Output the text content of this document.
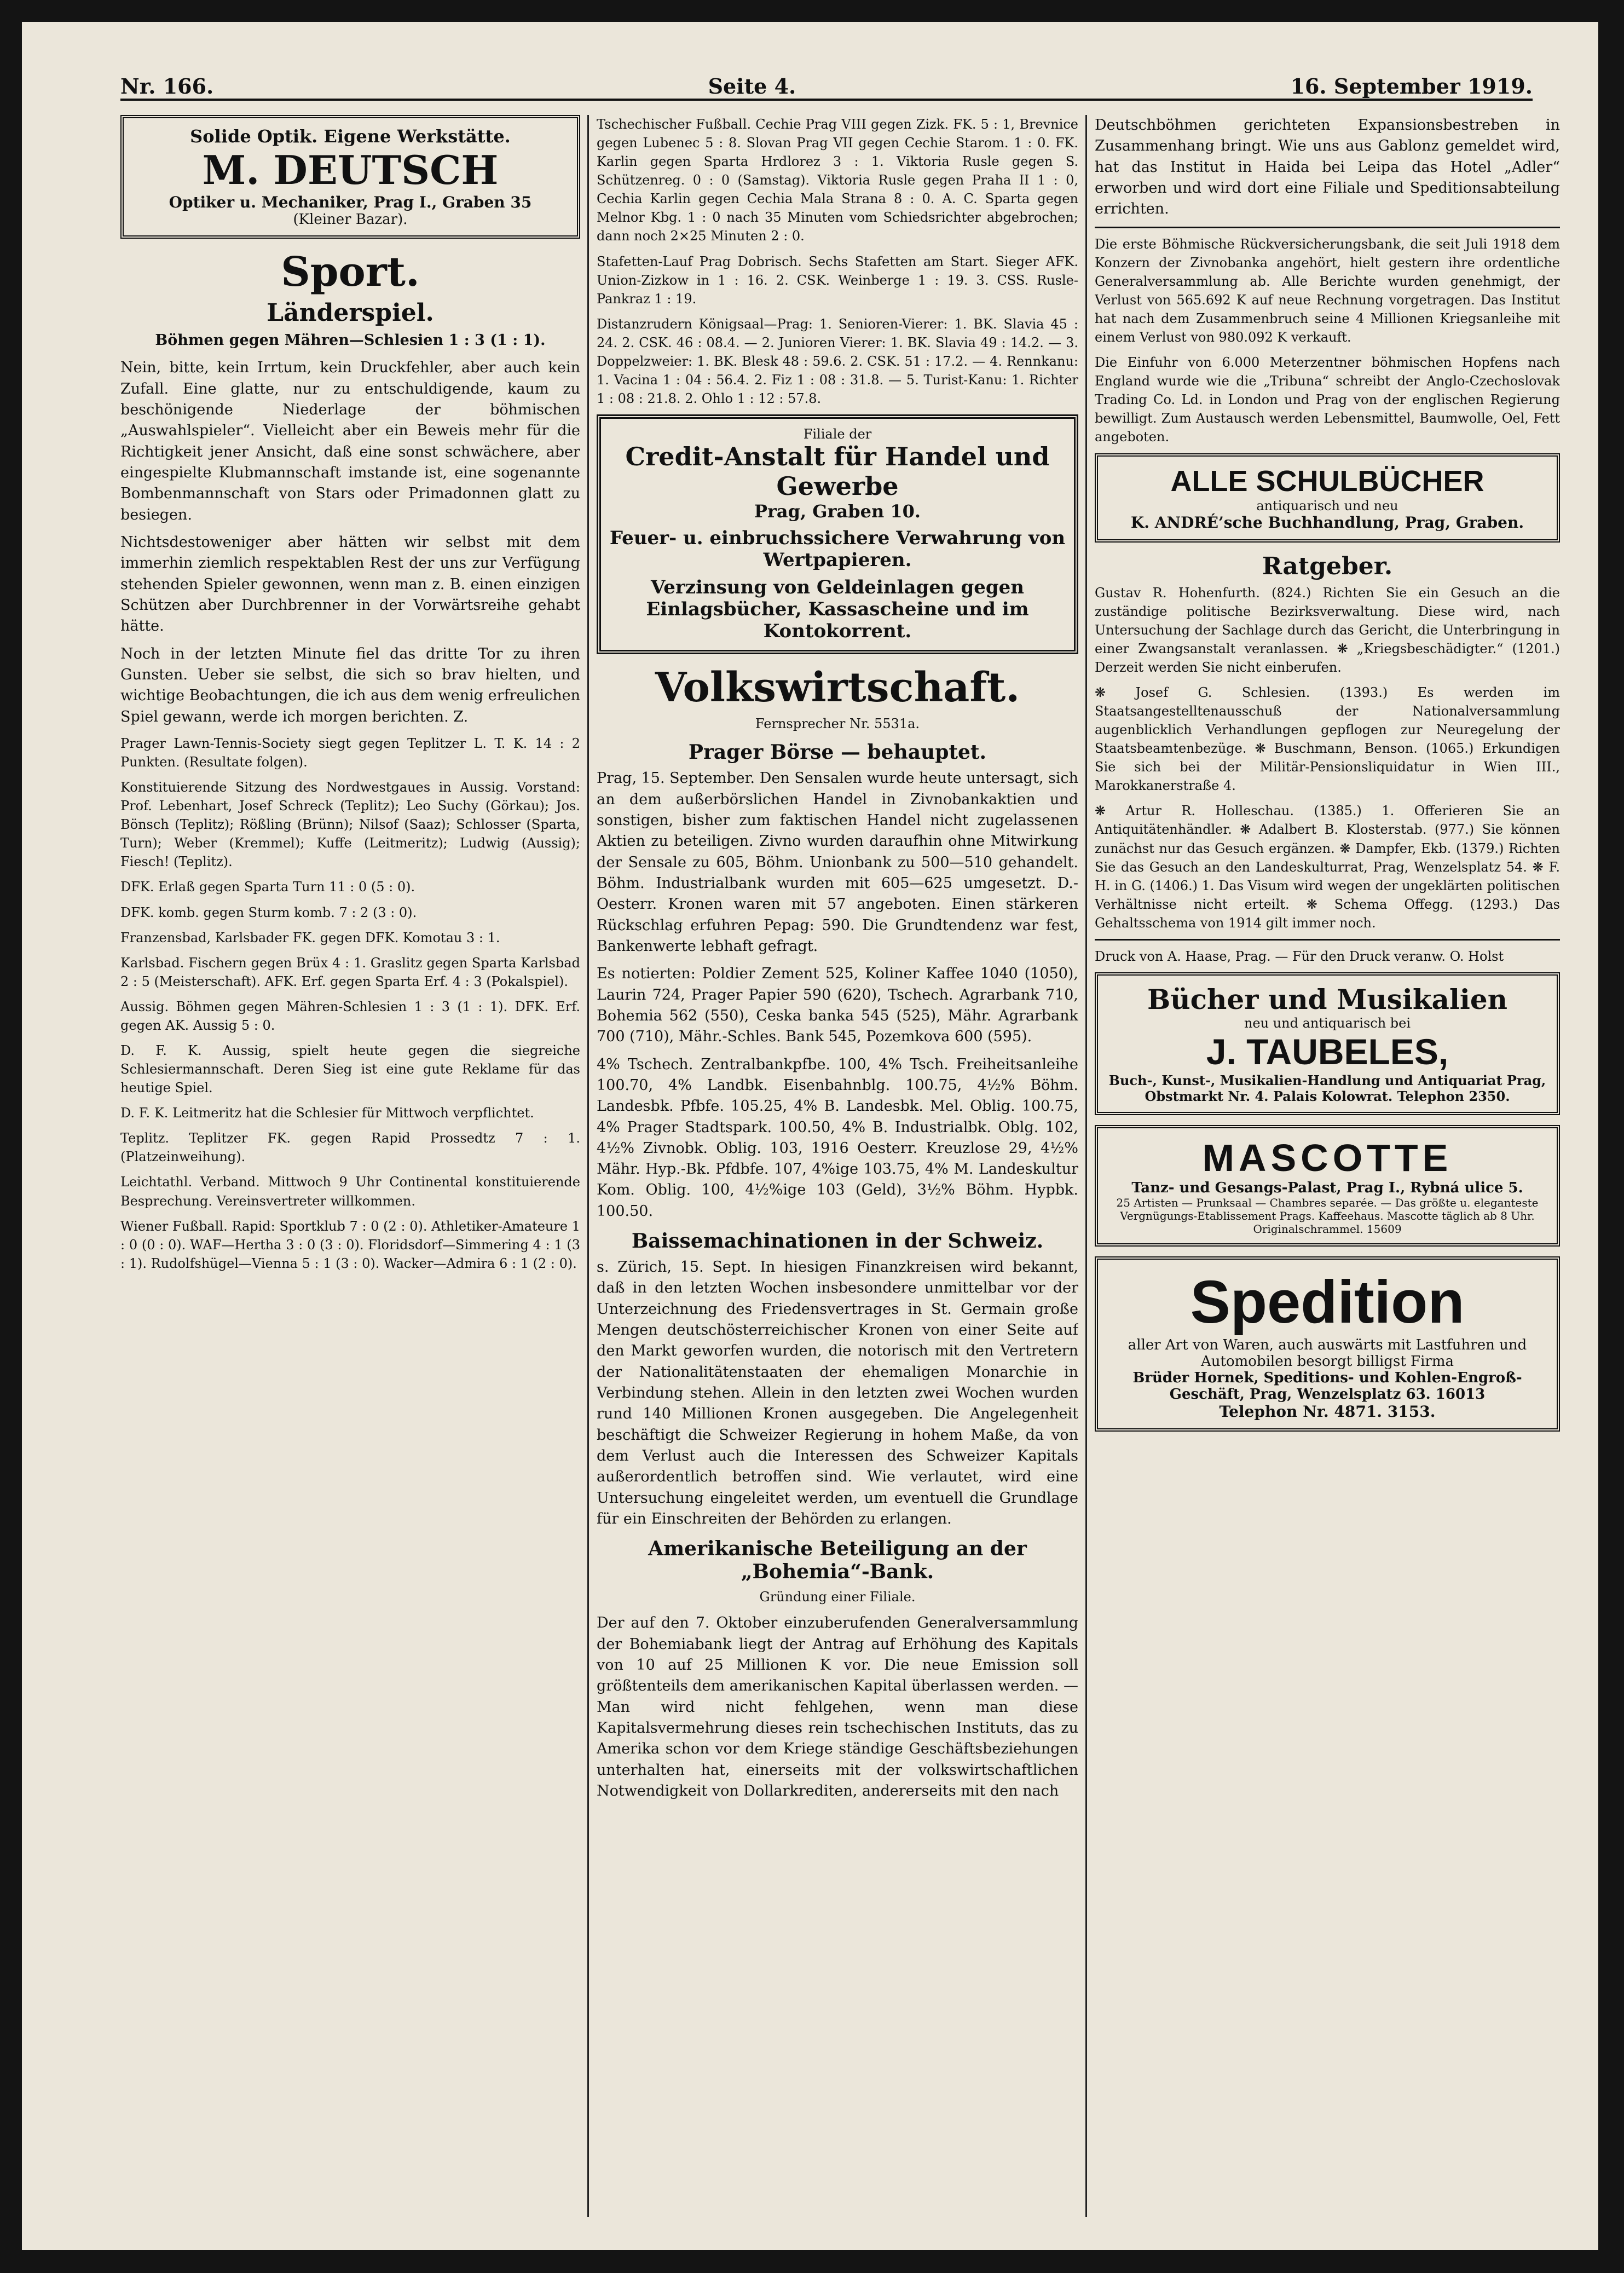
Nr. 166.	Seite 4.	16. September 1919.
Solide Optik. Eigene Werkstätte.
M. DEUTSCH
Optiker u. Mechaniker, Prag I., Graben 35
(Kleiner Bazar).
Sport.
Länderspiel.

Böhmen gegen Mähren—Schlesien 1 : 3 (1 : 1).

Nein, bitte, kein Irrtum, kein Druckfehler, aber auch kein Zufall. Eine glatte, nur zu entschuldigende, kaum zu beschönigende Niederlage der böhmischen „Auswahlspieler“. Vielleicht aber ein Beweis mehr für die Richtigkeit jener Ansicht, daß eine sonst schwächere, aber eingespielte Klubmannschaft imstande ist, eine sogenannte Bombenmannschaft von Stars oder Primadonnen glatt zu besiegen.

Nichtsdestoweniger aber hätten wir selbst mit dem immerhin ziemlich respektablen Rest der uns zur Verfügung stehenden Spieler gewonnen, wenn man z. B. einen einzigen Schützen aber Durchbrenner in der Vorwärtsreihe gehabt hätte.

Noch in der letzten Minute fiel das dritte Tor zu ihren Gunsten. Ueber sie selbst, die sich so brav hielten, und wichtige Beobachtungen, die ich aus dem wenig erfreulichen Spiel gewann, werde ich morgen berichten. Z.

Prager Lawn-Tennis-Society siegt gegen Teplitzer L. T. K. 14 : 2 Punkten. (Resultate folgen).

Konstituierende Sitzung des Nordwestgaues in Aussig. Vorstand: Prof. Lebenhart, Josef Schreck (Teplitz); Leo Suchy (Görkau); Jos. Bönsch (Teplitz); Rößling (Brünn); Nilsof (Saaz); Schlosser (Sparta, Turn); Weber (Kremmel); Kuffe (Leitmeritz); Ludwig (Aussig); Fiesch! (Teplitz).

DFK. Erlaß gegen Sparta Turn 11 : 0 (5 : 0).

DFK. komb. gegen Sturm komb. 7 : 2 (3 : 0).

Franzensbad, Karlsbader FK. gegen DFK. Komotau 3 : 1.

Karlsbad. Fischern gegen Brüx 4 : 1. Graslitz gegen Sparta Karlsbad 2 : 5 (Meisterschaft). AFK. Erf. gegen Sparta Erf. 4 : 3 (Pokalspiel).

Aussig. Böhmen gegen Mähren-Schlesien 1 : 3 (1 : 1). DFK. Erf. gegen AK. Aussig 5 : 0.

D. F. K. Aussig, spielt heute gegen die siegreiche Schlesiermannschaft. Deren Sieg ist eine gute Reklame für das heutige Spiel.

D. F. K. Leitmeritz hat die Schlesier für Mittwoch verpflichtet.

Teplitz. Teplitzer FK. gegen Rapid Prossedtz 7 : 1. (Platzeinweihung).

Leichtathl. Verband. Mittwoch 9 Uhr Continental konstituierende Besprechung. Vereinsvertreter willkommen.

Wiener Fußball. Rapid: Sportklub 7 : 0 (2 : 0). Athletiker-Amateure 1 : 0 (0 : 0). WAF—Hertha 3 : 0 (3 : 0). Floridsdorf—Simmering 4 : 1 (3 : 1). Rudolfshügel—Vienna 5 : 1 (3 : 0). Wacker—Admira 6 : 1 (2 : 0).

Tschechischer Fußball. Cechie Prag VIII gegen Zizk. FK. 5 : 1, Brevnice gegen Lubenec 5 : 8. Slovan Prag VII gegen Cechie Starom. 1 : 0. FK. Karlin gegen Sparta Hrdlorez 3 : 1. Viktoria Rusle gegen S. Schützenreg. 0 : 0 (Samstag). Viktoria Rusle gegen Praha II 1 : 0, Cechia Karlin gegen Cechia Mala Strana 8 : 0. A. C. Sparta gegen Melnor Kbg. 1 : 0 nach 35 Minuten vom Schiedsrichter abgebrochen; dann noch 2×25 Minuten 2 : 0.

Stafetten-Lauf Prag Dobrisch. Sechs Stafetten am Start. Sieger AFK. Union-Zizkow in 1 : 16. 2. CSK. Weinberge 1 : 19. 3. CSS. Rusle-Pankraz 1 : 19.

Distanzrudern Königsaal—Prag: 1. Senioren-Vierer: 1. BK. Slavia 45 : 24. 2. CSK. 46 : 08.4. — 2. Junioren Vierer: 1. BK. Slavia 49 : 14.2. — 3. Doppelzweier: 1. BK. Blesk 48 : 59.6. 2. CSK. 51 : 17.2. — 4. Rennkanu: 1. Vacina 1 : 04 : 56.4. 2. Fiz 1 : 08 : 31.8. — 5. Turist-Kanu: 1. Richter 1 : 08 : 21.8. 2. Ohlo 1 : 12 : 57.8.

Filiale der
Credit-Anstalt für Handel und Gewerbe
Prag, Graben 10.
Feuer- u. einbruchssichere Verwahrung von Wertpapieren.
Verzinsung von Geldeinlagen gegen Einlagsbücher, Kassascheine und im Kontokorrent.
Volkswirtschaft.

Fernsprecher Nr. 5531a.

Prager Börse — behauptet.

Prag, 15. September. Den Sensalen wurde heute untersagt, sich an dem außerbörslichen Handel in Zivnobankaktien und sonstigen, bisher zum faktischen Handel nicht zugelassenen Aktien zu beteiligen. Zivno wurden daraufhin ohne Mitwirkung der Sensale zu 605, Böhm. Unionbank zu 500—510 gehandelt. Böhm. Industrialbank wurden mit 605—625 umgesetzt. D.-Oesterr. Kronen waren mit 57 angeboten. Einen stärkeren Rückschlag erfuhren Pepag: 590. Die Grundtendenz war fest, Bankenwerte lebhaft gefragt.

Es notierten: Poldier Zement 525, Koliner Kaffee 1040 (1050), Laurin 724, Prager Papier 590 (620), Tschech. Agrarbank 710, Bohemia 562 (550), Ceska banka 545 (525), Mähr. Agrarbank 700 (710), Mähr.-Schles. Bank 545, Pozemkova 600 (595).

4% Tschech. Zentralbankpfbe. 100, 4% Tsch. Freiheitsanleihe 100.70, 4% Landbk. Eisenbahnblg. 100.75, 4½% Böhm. Landesbk. Pfbfe. 105.25, 4% B. Landesbk. Mel. Oblig. 100.75, 4% Prager Stadtspark. 100.50, 4% B. Industrialbk. Oblg. 102, 4½% Zivnobk. Oblig. 103, 1916 Oesterr. Kreuzlose 29, 4½% Mähr. Hyp.-Bk. Pfdbfe. 107, 4%ige 103.75, 4% M. Landeskultur Kom. Oblig. 100, 4½%ige 103 (Geld), 3½% Böhm. Hypbk. 100.50.

Baissemachinationen in der Schweiz.

s. Zürich, 15. Sept. In hiesigen Finanzkreisen wird bekannt, daß in den letzten Wochen insbesondere unmittelbar vor der Unterzeichnung des Friedensvertrages in St. Germain große Mengen deutschösterreichischer Kronen von einer Seite auf den Markt geworfen wurden, die notorisch mit den Vertretern der Nationalitätenstaaten der ehemaligen Monarchie in Verbindung stehen. Allein in den letzten zwei Wochen wurden rund 140 Millionen Kronen ausgegeben. Die Angelegenheit beschäftigt die Schweizer Regierung in hohem Maße, da von dem Verlust auch die Interessen des Schweizer Kapitals außerordentlich betroffen sind. Wie verlautet, wird eine Untersuchung eingeleitet werden, um eventuell die Grundlage für ein Einschreiten der Behörden zu erlangen.

Amerikanische Beteiligung an der „Bohemia“-Bank.

Gründung einer Filiale.

Der auf den 7. Oktober einzuberufenden Generalversammlung der Bohemiabank liegt der Antrag auf Erhöhung des Kapitals von 10 auf 25 Millionen K vor. Die neue Emission soll größtenteils dem amerikanischen Kapital überlassen werden. — Man wird nicht fehlgehen, wenn man diese Kapitalsvermehrung dieses rein tschechischen Instituts, das zu Amerika schon vor dem Kriege ständige Geschäftsbeziehungen unterhalten hat, einerseits mit der volkswirtschaftlichen Notwendigkeit von Dollarkrediten, andererseits mit den nach

Deutschböhmen gerichteten Expansionsbestreben in Zusammenhang bringt. Wie uns aus Gablonz gemeldet wird, hat das Institut in Haida bei Leipa das Hotel „Adler“ erworben und wird dort eine Filiale und Speditionsabteilung errichten.

Die erste Böhmische Rückversicherungsbank, die seit Juli 1918 dem Konzern der Zivnobanka angehört, hielt gestern ihre ordentliche Generalversammlung ab. Alle Berichte wurden genehmigt, der Verlust von 565.692 K auf neue Rechnung vorgetragen. Das Institut hat nach dem Zusammenbruch seine 4 Millionen Kriegsanleihe mit einem Verlust von 980.092 K verkauft.

Die Einfuhr von 6.000 Meterzentner böhmischen Hopfens nach England wurde wie die „Tribuna“ schreibt der Anglo-Czechoslovak Trading Co. Ld. in London und Prag von der englischen Regierung bewilligt. Zum Austausch werden Lebensmittel, Baumwolle, Oel, Fett angeboten.

ALLE SCHULBÜCHER
antiquarisch und neu
K. ANDRÉ’sche Buchhandlung, Prag, Graben.
Ratgeber.

Gustav R. Hohenfurth. (824.) Richten Sie ein Gesuch an die zuständige politische Bezirksverwaltung. Diese wird, nach Untersuchung der Sachlage durch das Gericht, die Unterbringung in einer Zwangsanstalt veranlassen. ❋ „Kriegsbeschädigter.“ (1201.) Derzeit werden Sie nicht einberufen.

❋ Josef G. Schlesien. (1393.) Es werden im Staatsangestelltenausschuß der Nationalversammlung augenblicklich Verhandlungen gepflogen zur Neuregelung der Staatsbeamtenbezüge. ❋ Buschmann, Benson. (1065.) Erkundigen Sie sich bei der Militär-Pensionsliquidatur in Wien III., Marokkanerstraße 4.

❋ Artur R. Holleschau. (1385.) 1. Offerieren Sie an Antiquitätenhändler. ❋ Adalbert B. Klosterstab. (977.) Sie können zunächst nur das Gesuch ergänzen. ❋ Dampfer, Ekb. (1379.) Richten Sie das Gesuch an den Landeskulturrat, Prag, Wenzelsplatz 54. ❋ F. H. in G. (1406.) 1. Das Visum wird wegen der ungeklärten politischen Verhältnisse nicht erteilt. ❋ Schema Offegg. (1293.) Das Gehaltsschema von 1914 gilt immer noch.

Druck von A. Haase, Prag. — Für den Druck veranw. O. Holst

Bücher und Musikalien
neu und antiquarisch bei
J. TAUBELES,
Buch-, Kunst-, Musikalien-Handlung und Antiquariat Prag, Obstmarkt Nr. 4. Palais Kolowrat. Telephon 2350.
MASCOTTE
Tanz- und Gesangs-Palast, Prag I., Rybná ulice 5.
25 Artisten — Prunksaal — Chambres separée. — Das größte u. eleganteste Vergnügungs-Etablissement Prags. Kaffeehaus. Mascotte täglich ab 8 Uhr. Originalschrammel. 15609
Spedition
aller Art von Waren, auch auswärts mit Lastfuhren und Automobilen besorgt billigst Firma
Brüder Hornek, Speditions- und Kohlen-Engroß-Geschäft, Prag, Wenzelsplatz 63. 16013
Telephon Nr. 4871. 3153.
